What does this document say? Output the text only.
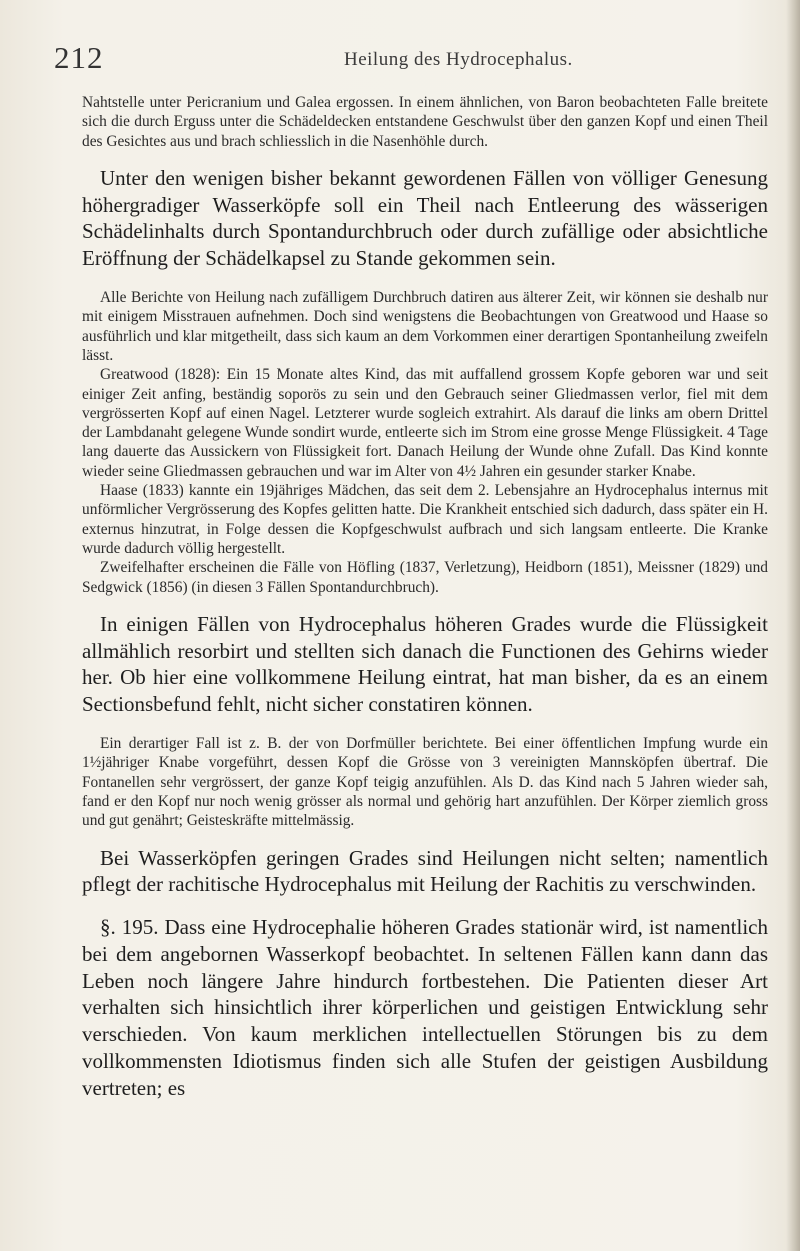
212	Heilung des Hydrocephalus.

Nahtstelle unter Pericranium und Galea ergossen. In einem ähnlichen, von Baron beobachteten Falle breitete sich die durch Erguss unter die Schädeldecken entstandene Geschwulst über den ganzen Kopf und einen Theil des Gesichtes aus und brach schliesslich in die Nasenhöhle durch.

Unter den wenigen bisher bekannt gewordenen Fällen von völliger Genesung höhergradiger Wasserköpfe soll ein Theil nach Entleerung des wässerigen Schädelinhalts durch Spontandurchbruch oder durch zufällige oder absichtliche Eröffnung der Schädelkapsel zu Stande gekommen sein.

Alle Berichte von Heilung nach zufälligem Durchbruch datiren aus älterer Zeit, wir können sie deshalb nur mit einigem Misstrauen aufnehmen. Doch sind wenigstens die Beobachtungen von Greatwood und Haase so ausführlich und klar mitgetheilt, dass sich kaum an dem Vorkommen einer derartigen Spontanheilung zweifeln lässt.

Greatwood (1828): Ein 15 Monate altes Kind, das mit auffallend grossem Kopfe geboren war und seit einiger Zeit anfing, beständig soporös zu sein und den Gebrauch seiner Gliedmassen verlor, fiel mit dem vergrösserten Kopf auf einen Nagel. Letzterer wurde sogleich extrahirt. Als darauf die links am obern Drittel der Lambdanaht gelegene Wunde sondirt wurde, entleerte sich im Strom eine grosse Menge Flüssigkeit. 4 Tage lang dauerte das Aussickern von Flüssigkeit fort. Danach Heilung der Wunde ohne Zufall. Das Kind konnte wieder seine Gliedmassen gebrauchen und war im Alter von 4½ Jahren ein gesunder starker Knabe.

Haase (1833) kannte ein 19jähriges Mädchen, das seit dem 2. Lebensjahre an Hydrocephalus internus mit unförmlicher Vergrösserung des Kopfes gelitten hatte. Die Krankheit entschied sich dadurch, dass später ein H. externus hinzutrat, in Folge dessen die Kopfgeschwulst aufbrach und sich langsam entleerte. Die Kranke wurde dadurch völlig hergestellt.

Zweifelhafter erscheinen die Fälle von Höfling (1837, Verletzung), Heidborn (1851), Meissner (1829) und Sedgwick (1856) (in diesen 3 Fällen Spontandurchbruch).

In einigen Fällen von Hydrocephalus höheren Grades wurde die Flüssigkeit allmählich resorbirt und stellten sich danach die Functionen des Gehirns wieder her. Ob hier eine vollkommene Heilung eintrat, hat man bisher, da es an einem Sectionsbefund fehlt, nicht sicher constatiren können.

Ein derartiger Fall ist z. B. der von Dorfmüller berichtete. Bei einer öffentlichen Impfung wurde ein 1½jähriger Knabe vorgeführt, dessen Kopf die Grösse von 3 vereinigten Mannsköpfen übertraf. Die Fontanellen sehr vergrössert, der ganze Kopf teigig anzufühlen. Als D. das Kind nach 5 Jahren wieder sah, fand er den Kopf nur noch wenig grösser als normal und gehörig hart anzufühlen. Der Körper ziemlich gross und gut genährt; Geisteskräfte mittelmässig.

Bei Wasserköpfen geringen Grades sind Heilungen nicht selten; namentlich pflegt der rachitische Hydrocephalus mit Heilung der Rachitis zu verschwinden.

§. 195. Dass eine Hydrocephalie höheren Grades stationär wird, ist namentlich bei dem angebornen Wasserkopf beobachtet. In seltenen Fällen kann dann das Leben noch längere Jahre hindurch fortbestehen. Die Patienten dieser Art verhalten sich hinsichtlich ihrer körperlichen und geistigen Entwicklung sehr verschieden. Von kaum merklichen intellectuellen Störungen bis zu dem vollkommensten Idiotismus finden sich alle Stufen der geistigen Ausbildung vertreten; es
